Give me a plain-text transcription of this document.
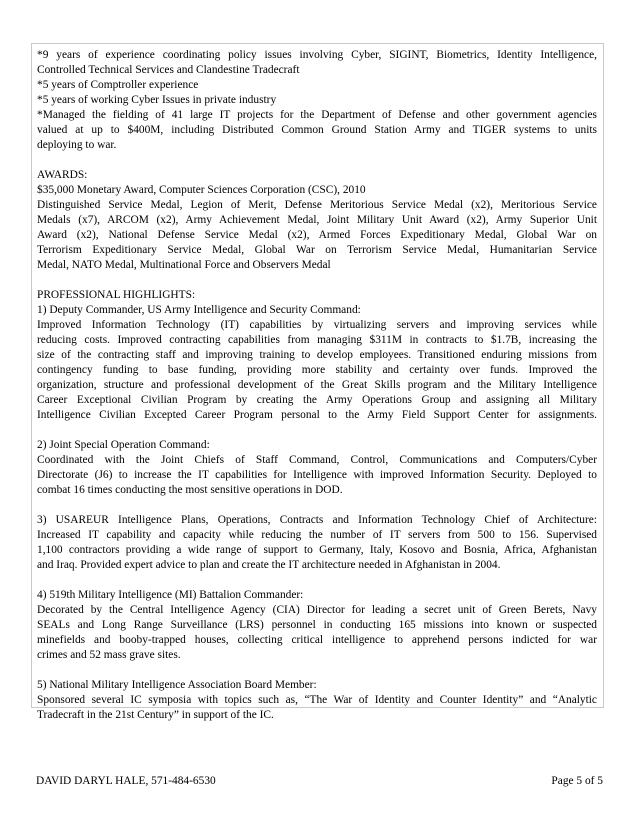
*9 years of experience coordinating policy issues involving Cyber, SIGINT, Biometrics, Identity Intelligence,
Controlled Technical Services and Clandestine Tradecraft
*5 years of Comptroller experience
*5 years of working Cyber Issues in private industry
*Managed the fielding of 41 large IT projects for the Department of Defense and other government agencies
valued at up to $400M, including Distributed Common Ground Station Army and TIGER systems to units
deploying to war.
AWARDS:
$35,000 Monetary Award, Computer Sciences Corporation (CSC), 2010
Distinguished Service Medal, Legion of Merit, Defense Meritorious Service Medal (x2), Meritorious Service
Medals (x7), ARCOM (x2), Army Achievement Medal, Joint Military Unit Award (x2), Army Superior Unit
Award (x2), National Defense Service Medal (x2), Armed Forces Expeditionary Medal, Global War on
Terrorism Expeditionary Service Medal, Global War on Terrorism Service Medal, Humanitarian Service
Medal, NATO Medal, Multinational Force and Observers Medal
PROFESSIONAL HIGHLIGHTS:
1) Deputy Commander, US Army Intelligence and Security Command:
Improved Information Technology (IT) capabilities by virtualizing servers and improving services while
reducing costs. Improved contracting capabilities from managing $311M in contracts to $1.7B, increasing the
size of the contracting staff and improving training to develop employees. Transitioned enduring missions from
contingency funding to base funding, providing more stability and certainty over funds. Improved the
organization, structure and professional development of the Great Skills program and the Military Intelligence
Career Exceptional Civilian Program by creating the Army Operations Group and assigning all Military
Intelligence Civilian Excepted Career Program personal to the Army Field Support Center for assignments.
2) Joint Special Operation Command:
Coordinated with the Joint Chiefs of Staff Command, Control, Communications and Computers/Cyber
Directorate (J6) to increase the IT capabilities for Intelligence with improved Information Security. Deployed to
combat 16 times conducting the most sensitive operations in DOD.
3) USAREUR Intelligence Plans, Operations, Contracts and Information Technology Chief of Architecture:
Increased IT capability and capacity while reducing the number of IT servers from 500 to 156. Supervised
1,100 contractors providing a wide range of support to Germany, Italy, Kosovo and Bosnia, Africa, Afghanistan
and Iraq. Provided expert advice to plan and create the IT architecture needed in Afghanistan in 2004.
4) 519th Military Intelligence (MI) Battalion Commander:
Decorated by the Central Intelligence Agency (CIA) Director for leading a secret unit of Green Berets, Navy
SEALs and Long Range Surveillance (LRS) personnel in conducting 165 missions into known or suspected
minefields and booby-trapped houses, collecting critical intelligence to apprehend persons indicted for war
crimes and 52 mass grave sites.
5) National Military Intelligence Association Board Member:
Sponsored several IC symposia with topics such as, “The War of Identity and Counter Identity” and “Analytic
Tradecraft in the 21st Century” in support of the IC.
DAVID DARYL HALE, 571-484-6530	Page 5 of 5
